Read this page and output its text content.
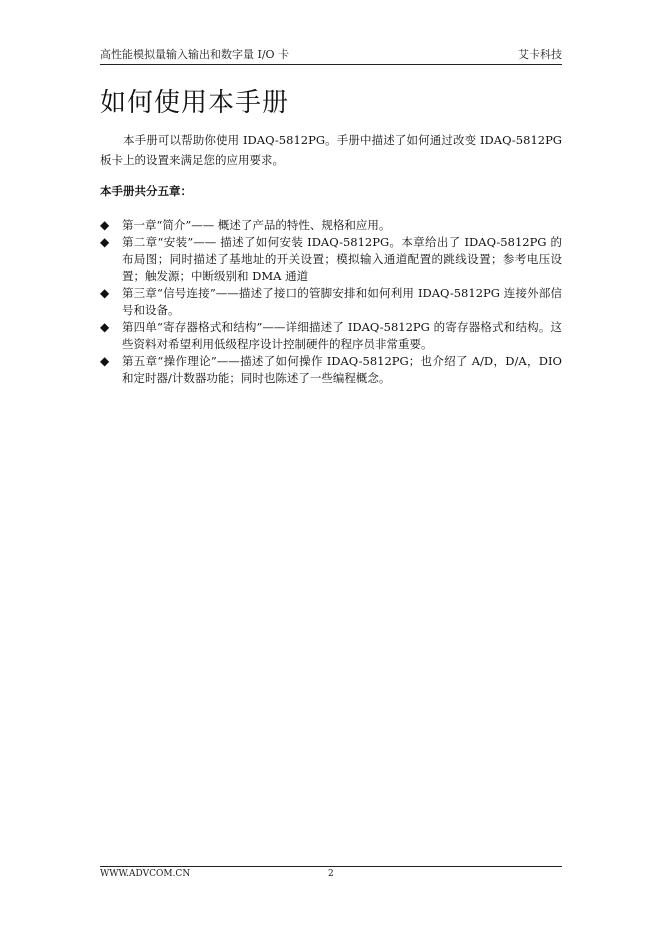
高性能模拟量输入输出和数字量 I/O 卡	艾卡科技
如何使用本手册

本手册可以帮助你使用 IDAQ-5812PG。手册中描述了如何通过改变 IDAQ-5812PG 板卡上的设置来满足您的应用要求。

本手册共分五章：

◆ 第一章“简介”—— 概述了产品的特性、规格和应用。
◆ 第二章“安装”—— 描述了如何安装 IDAQ-5812PG。本章给出了 IDAQ-5812PG 的布局图；同时描述了基地址的开关设置；模拟输入通道配置的跳线设置；参考电压设置；触发源；中断级别和 DMA 通道
◆ 第三章“信号连接”——描述了接口的管脚安排和如何利用 IDAQ-5812PG 连接外部信号和设备。
◆ 第四单“寄存器格式和结构”——详细描述了 IDAQ-5812PG 的寄存器格式和结构。这些资料对希望利用低级程序设计控制硬件的程序员非常重要。
◆ 第五章“操作理论”——描述了如何操作 IDAQ-5812PG；也介绍了 A/D，D/A，DIO 和定时器/计数器功能；同时也陈述了一些编程概念。
WWW.ADVCOM.CN	2
